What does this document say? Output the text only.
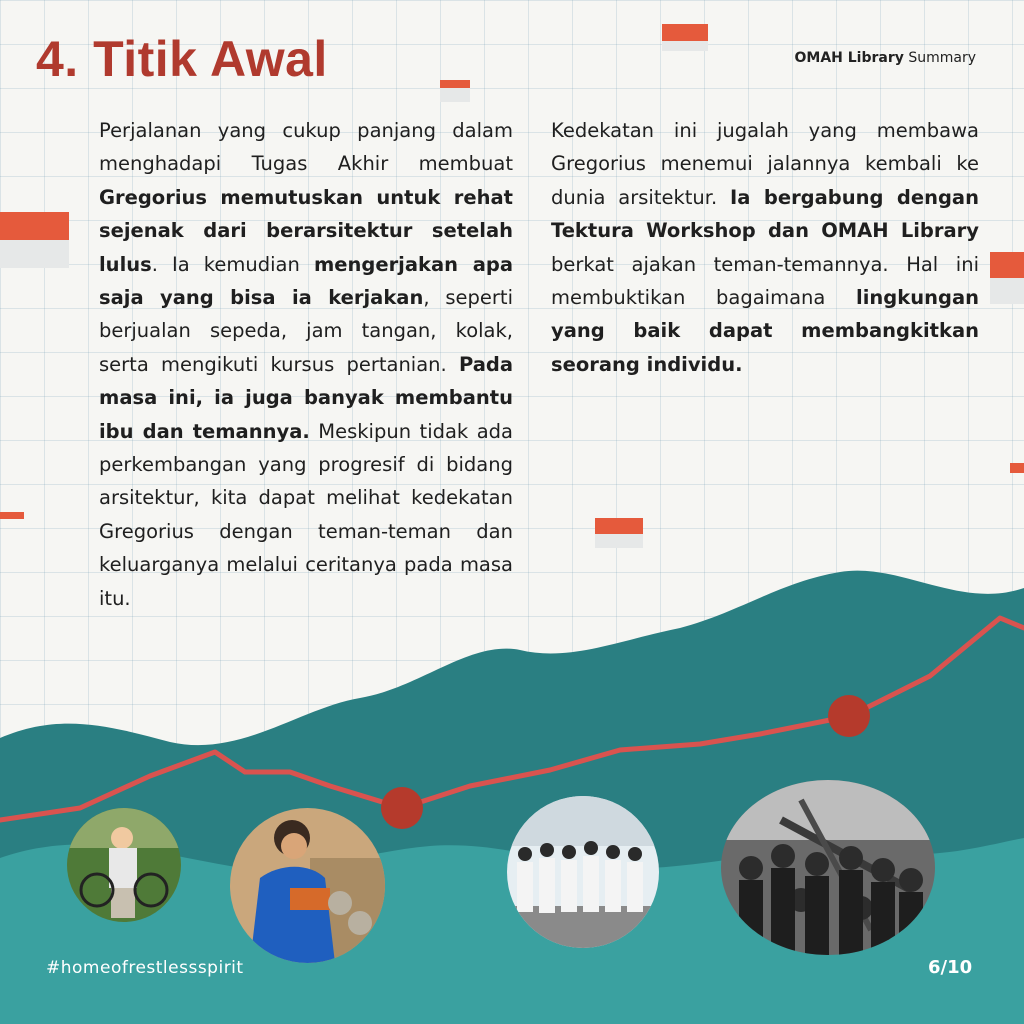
4. Titik Awal	OMAH Library Summary

Perjalanan yang cukup panjang dalam menghadapi Tugas Akhir membuat Gregorius memutuskan untuk rehat sejenak dari berarsitektur setelah lulus. Ia kemudian mengerjakan apa saja yang bisa ia kerjakan, seperti berjualan sepeda, jam tangan, kolak, serta mengikuti kursus pertanian. Pada masa ini, ia juga banyak membantu ibu dan temannya. Meskipun tidak ada perkembangan yang progresif di bidang arsitektur, kita dapat melihat kedekatan Gregorius dengan teman-teman dan keluarganya melalui ceritanya pada masa itu.

Kedekatan ini jugalah yang membawa Gregorius menemui jalannya kembali ke dunia arsitektur. Ia bergabung dengan Tektura Workshop dan OMAH Library berkat ajakan teman-temannya. Hal ini membuktikan bagaimana lingkungan yang baik dapat membangkitkan seorang individu.

#homeofrestlessspirit	6/10
